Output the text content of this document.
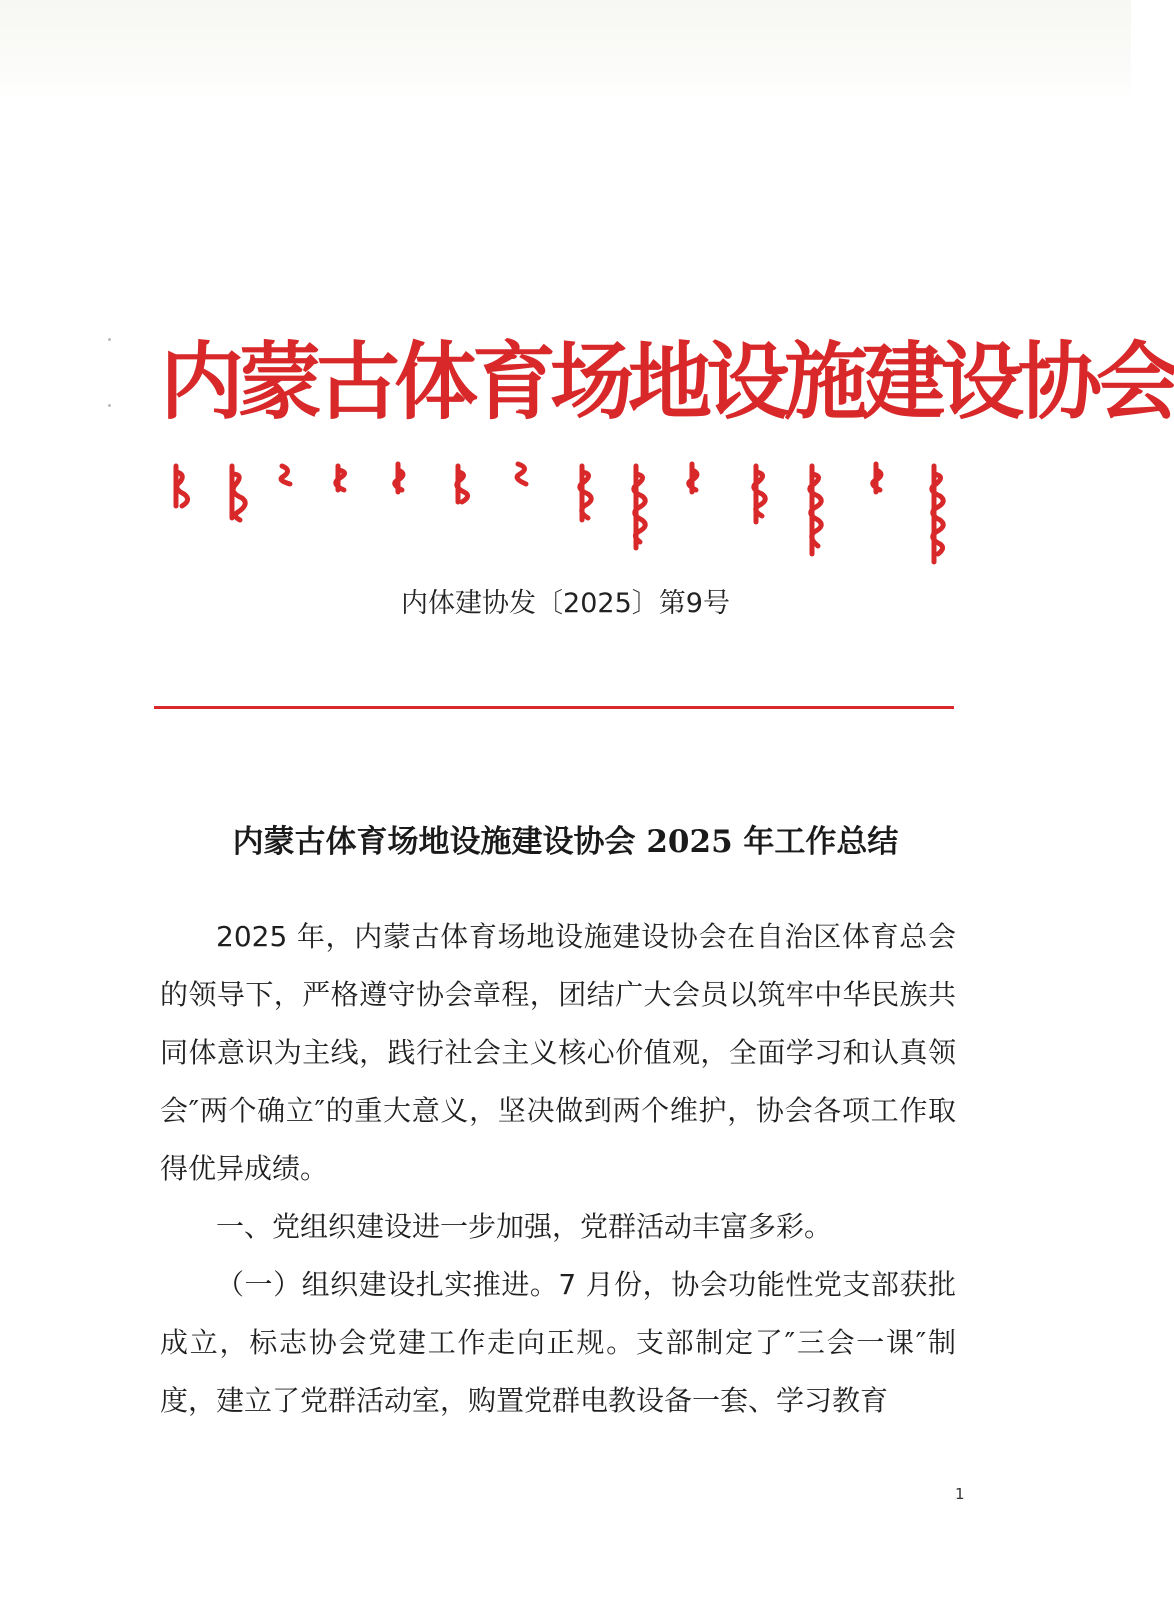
内蒙古体育场地设施建设协会
内体建协发〔2025〕第9号
内蒙古体育场地设施建设协会 2025 年工作总结

2025 年，内蒙古体育场地设施建设协会在自治区体育总会的领导下，严格遵守协会章程，团结广大会员以筑牢中华民族共同体意识为主线，践行社会主义核心价值观，全面学习和认真领会″两个确立″的重大意义，坚决做到两个维护，协会各项工作取得优异成绩。

一、党组织建设进一步加强，党群活动丰富多彩。

（一）组织建设扎实推进。7 月份，协会功能性党支部获批成立，标志协会党建工作走向正规。支部制定了″三会一课″制度，建立了党群活动室，购置党群电教设备一套、学习教育

1
